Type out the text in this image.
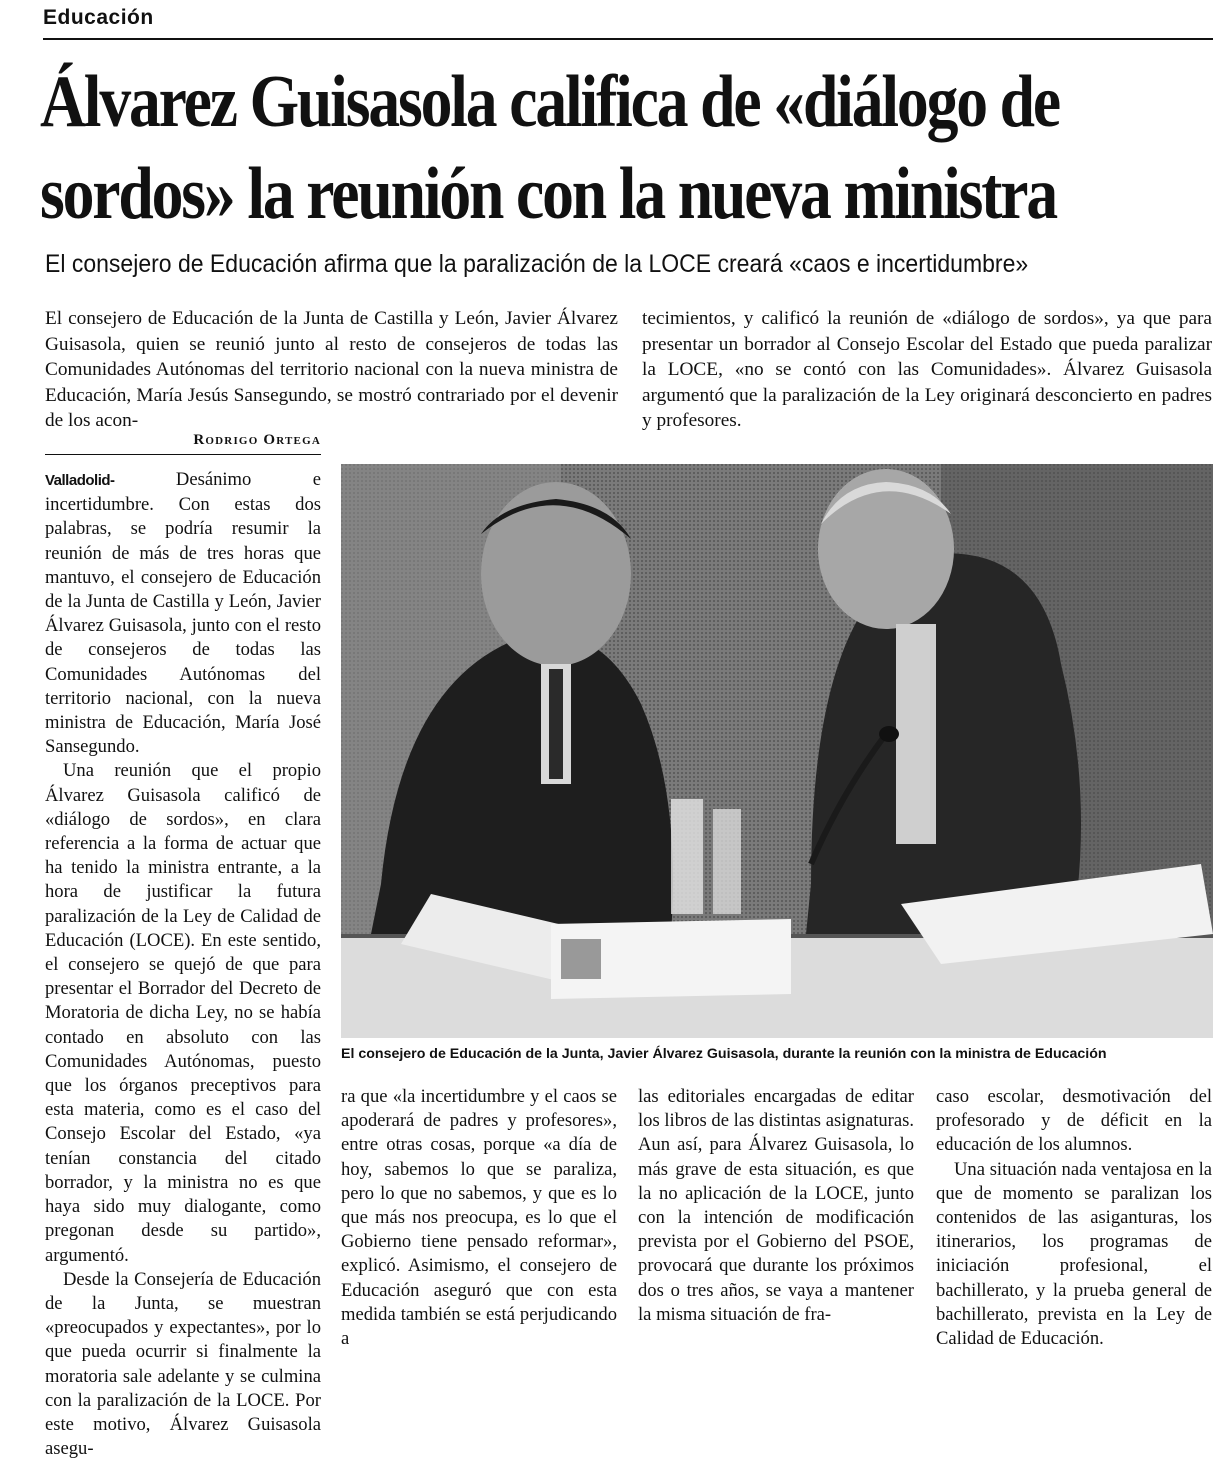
Educación
Álvarez Guisasola califica de «diálogo de
sordos» la reunión con la nueva ministra
El consejero de Educación afirma que la paralización de la LOCE creará «caos e incertidumbre»
El consejero de Educación de la Junta de Castilla y León, Javier Álvarez Guisasola, quien se reunió junto al resto de consejeros de todas las Comunidades Autónomas del territorio nacional con la nueva ministra de Educación, María Jesús Sansegundo, se mostró contrariado por el devenir de los acon-
tecimientos, y calificó la reunión de «diálogo de sordos», ya que para presentar un borrador al Consejo Escolar del Estado que pueda paralizar la LOCE, «no se contó con las Comunidades». Álvarez Guisasola argumentó que la paralización de la Ley originará desconcierto en padres y profesores.
Rodrigo Ortega

Valladolid- Desánimo e incertidumbre. Con estas dos palabras, se podría resumir la reunión de más de tres horas que mantuvo, el consejero de Educación de la Junta de Castilla y León, Javier Álvarez Guisasola, junto con el resto de consejeros de todas las Comunidades Autónomas del territorio nacional, con la nueva ministra de Educación, María José Sansegundo.

Una reunión que el propio Álvarez Guisasola calificó de «diálogo de sordos», en clara referencia a la forma de actuar que ha tenido la ministra entrante, a la hora de justificar la futura paralización de la Ley de Calidad de Educación (LOCE). En este sentido, el consejero se quejó de que para presentar el Borrador del Decreto de Moratoria de dicha Ley, no se había contado en absoluto con las Comunidades Autónomas, puesto que los órganos preceptivos para esta materia, como es el caso del Consejo Escolar del Estado, «ya tenían constancia del citado borrador, y la ministra no es que haya sido muy dialogante, como pregonan desde su partido», argumentó.

Desde la Consejería de Educación de la Junta, se muestran «preocupados y expectantes», por lo que pueda ocurrir si finalmente la moratoria sale adelante y se culmina con la paralización de la LOCE. Por este motivo, Álvarez Guisasola asegu-

El consejero de Educación de la Junta, Javier Álvarez Guisasola, durante la reunión con la ministra de Educación

ra que «la incertidumbre y el caos se apoderará de padres y profesores», entre otras cosas, porque «a día de hoy, sabemos lo que se paraliza, pero lo que no sabemos, y que es lo que más nos preocupa, es lo que el Gobierno tiene pensado reformar», explicó. Asimismo, el consejero de Educación aseguró que con esta medida también se está perjudicando a

las editoriales encargadas de editar los libros de las distintas asignaturas. Aun así, para Álvarez Guisasola, lo más grave de esta situación, es que la no aplicación de la LOCE, junto con la intención de modificación prevista por el Gobierno del PSOE, provocará que durante los próximos dos o tres años, se vaya a mantener la misma situación de fra-

caso escolar, desmotivación del profesorado y de déficit en la educación de los alumnos.

Una situación nada ventajosa en la que de momento se paralizan los contenidos de las asiganturas, los itinerarios, los programas de iniciación profesional, el bachillerato, y la prueba general de bachillerato, prevista en la Ley de Calidad de Educación.
